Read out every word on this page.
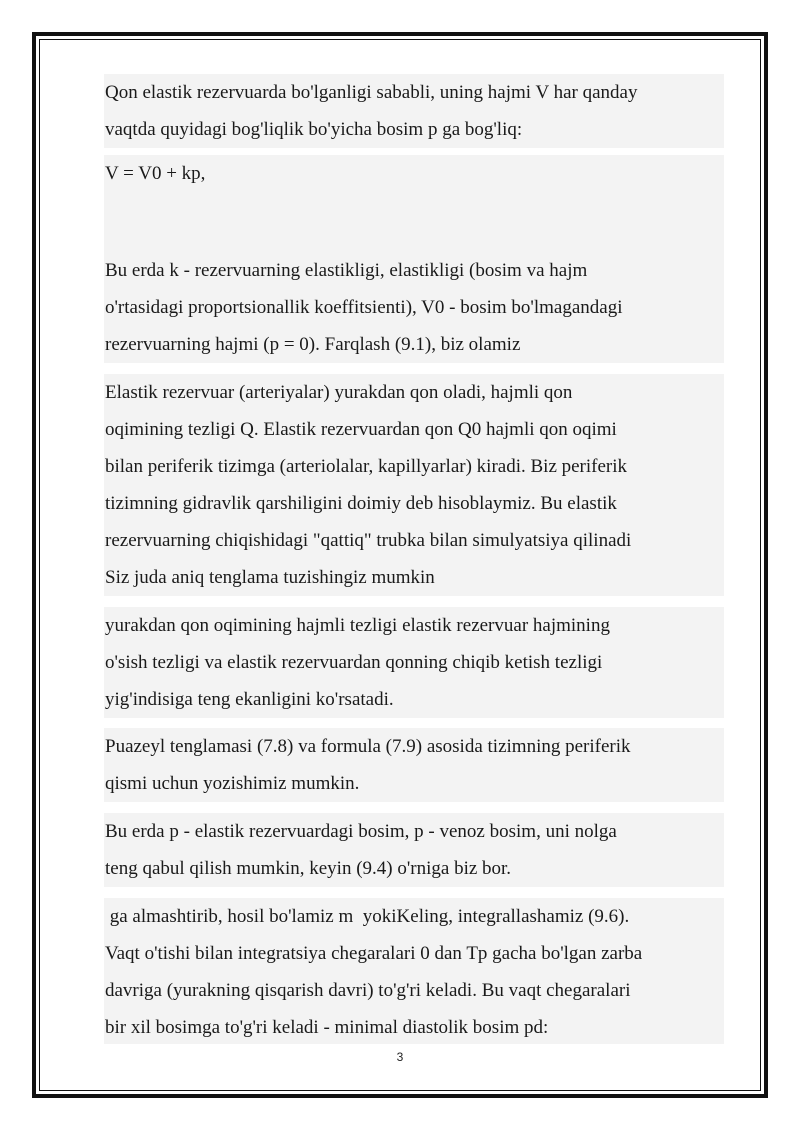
Qon elastik rezervuarda bo'lganligi sababli, uning hajmi V har qanday
vaqtda quyidagi bog'liqlik bo'yicha bosim p ga bog'liq:
V = V0 + kp,
Bu erda k - rezervuarning elastikligi, elastikligi (bosim va hajm
o'rtasidagi proportsionallik koeffitsienti), V0 - bosim bo'lmagandagi
rezervuarning hajmi (p = 0). Farqlash (9.1), biz olamiz
Elastik rezervuar (arteriyalar) yurakdan qon oladi, hajmli qon
oqimining tezligi Q. Elastik rezervuardan qon Q0 hajmli qon oqimi
bilan periferik tizimga (arteriolalar, kapillyarlar) kiradi. Biz periferik
tizimning gidravlik qarshiligini doimiy deb hisoblaymiz. Bu elastik
rezervuarning chiqishidagi "qattiq" trubka bilan simulyatsiya qilinadi
Siz juda aniq tenglama tuzishingiz mumkin
yurakdan qon oqimining hajmli tezligi elastik rezervuar hajmining
o'sish tezligi va elastik rezervuardan qonning chiqib ketish tezligi
yig'indisiga teng ekanligini ko'rsatadi.
Puazeyl tenglamasi (7.8) va formula (7.9) asosida tizimning periferik
qismi uchun yozishimiz mumkin.
Bu erda p - elastik rezervuardagi bosim, p - venoz bosim, uni nolga
teng qabul qilish mumkin, keyin (9.4) o'rniga biz bor.
ga almashtirib, hosil bo'lamiz m  yokiKeling, integrallashamiz (9.6).
Vaqt o'tishi bilan integratsiya chegaralari 0 dan Tp gacha bo'lgan zarba
davriga (yurakning qisqarish davri) to'g'ri keladi. Bu vaqt chegaralari
bir xil bosimga to'g'ri keladi - minimal diastolik bosim pd:
3
